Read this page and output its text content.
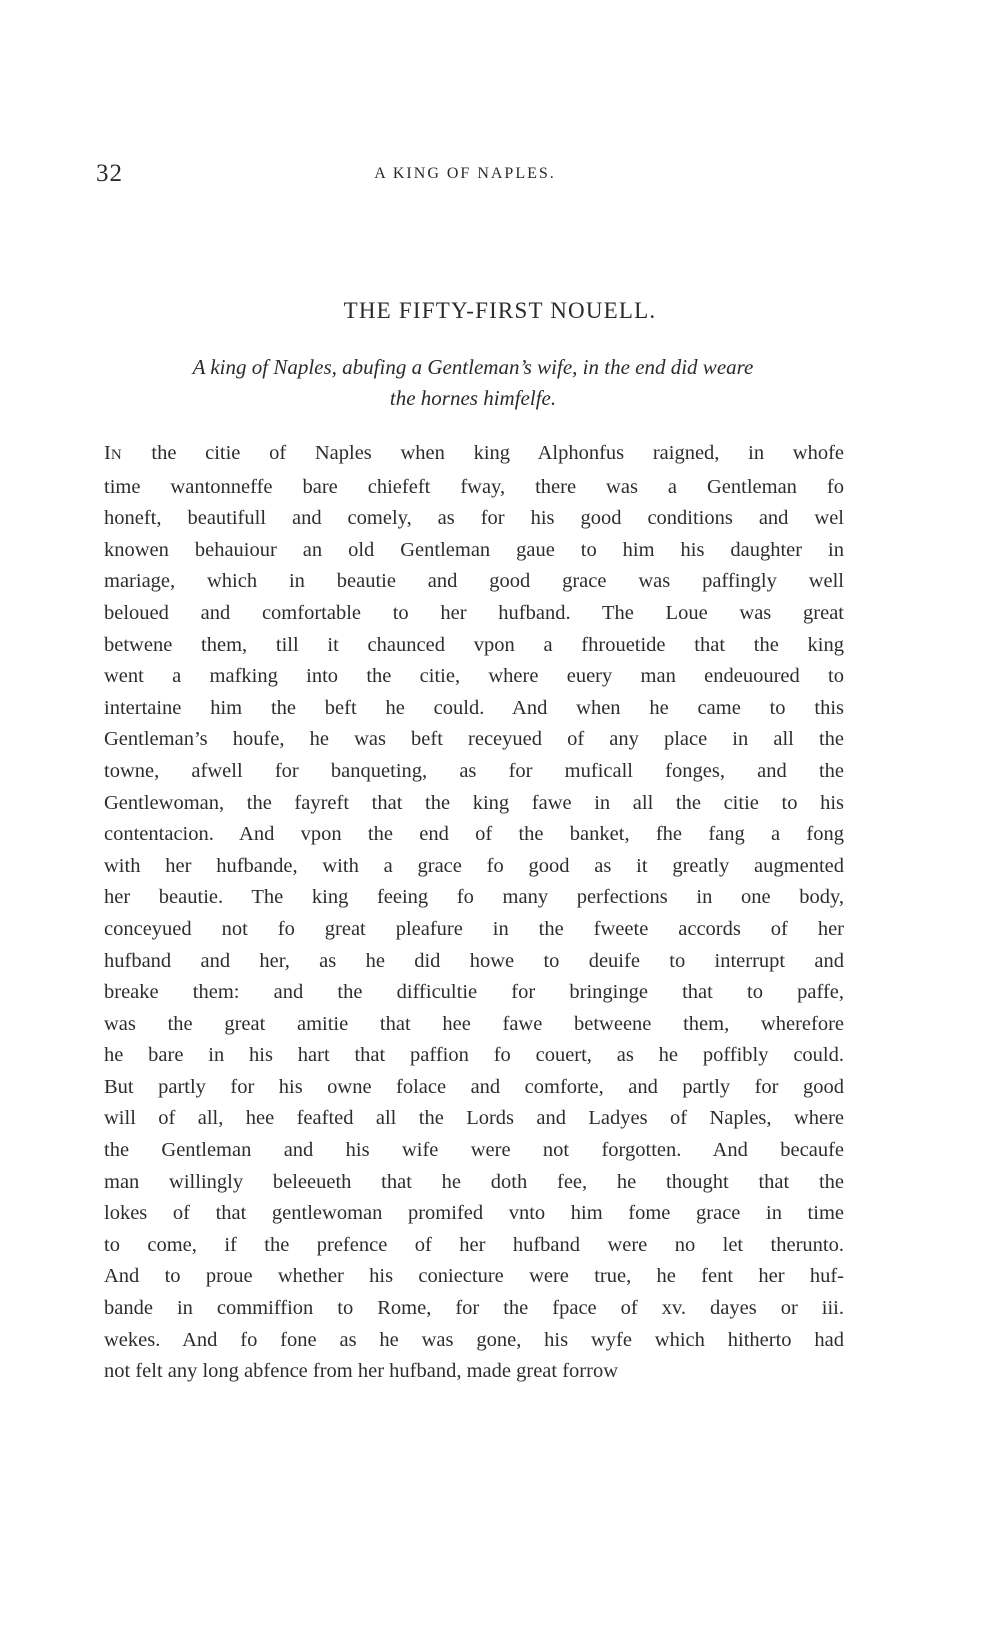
32	A KING OF NAPLES.
THE FIFTY-FIRST NOUELL.
A king of Naples, abufing a Gentleman’s wife, in the end did weare
the hornes himfelfe.
IN the citie of Naples when king Alphonfus raigned, in whofe
time wantonneffe bare chiefeft fway, there was a Gentleman fo
honeft, beautifull and comely, as for his good conditions and wel
knowen behauiour an old Gentleman gaue to him his daughter in
mariage, which in beautie and good grace was paffingly well
beloued and comfortable to her hufband. The Loue was great
betwene them, till it chaunced vpon a fhrouetide that the king
went a mafking into the citie, where euery man endeuoured to
intertaine him the beft he could. And when he came to this
Gentleman’s houfe, he was beft receyued of any place in all the
towne, afwell for banqueting, as for muficall fonges, and the
Gentlewoman, the fayreft that the king fawe in all the citie to his
contentacion. And vpon the end of the banket, fhe fang a fong
with her hufbande, with a grace fo good as it greatly augmented
her beautie. The king feeing fo many perfections in one body,
conceyued not fo great pleafure in the fweete accords of her
hufband and her, as he did howe to deuife to interrupt and
breake them: and the difficultie for bringinge that to paffe,
was the great amitie that hee fawe betweene them, wherefore
he bare in his hart that paffion fo couert, as he poffibly could.
But partly for his owne folace and comforte, and partly for good
will of all, hee feafted all the Lords and Ladyes of Naples, where
the Gentleman and his wife were not forgotten. And becaufe
man willingly beleeueth that he doth fee, he thought that the
lokes of that gentlewoman promifed vnto him fome grace in time
to come, if the prefence of her hufband were no let therunto.
And to proue whether his coniecture were true, he fent her huf-
bande in commiffion to Rome, for the fpace of xv. dayes or iii.
wekes. And fo fone as he was gone, his wyfe which hitherto had
not felt any long abfence from her hufband, made great forrow
